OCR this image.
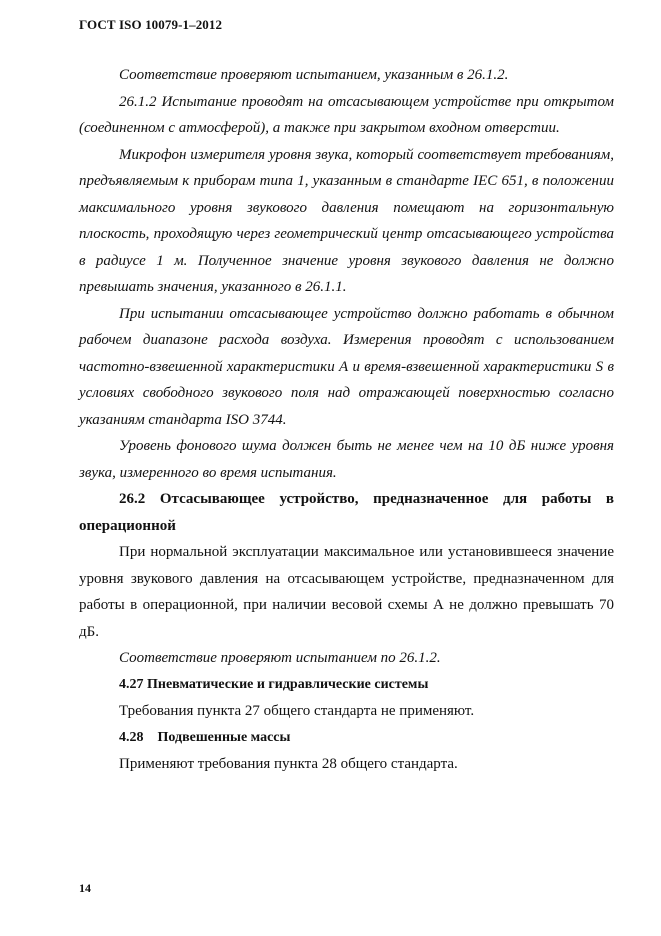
ГОСТ ISO 10079-1–2012

Соответствие проверяют испытанием, указанным в 26.1.2.

26.1.2 Испытание проводят на отсасывающем устройстве при открытом (соединенном с атмосферой), а также при закрытом входном отверстии.

Микрофон измерителя уровня звука, который соответствует требованиям, предъявляемым к приборам типа 1, указанным в стандарте IEC 651, в положении максимального уровня звукового давления помещают на горизонтальную плоскость, проходящую через геометрический центр отсасывающего устройства в радиусе 1 м. Полученное значение уровня звукового давления не должно превышать значения, указанного в 26.1.1.

При испытании отсасывающее устройство должно работать в обычном рабочем диапазоне расхода воздуха. Измерения проводят с использованием частотно-взвешенной характеристики А и время-взвешенной характеристики S в условиях свободного звукового поля над отражающей поверхностью согласно указаниям стандарта ISO 3744.

Уровень фонового шума должен быть не менее чем на 10 дБ ниже уровня звука, измеренного во время испытания.

26.2 Отсасывающее устройство, предназначенное для работы в операционной

При нормальной эксплуатации максимальное или установившееся значение уровня звукового давления на отсасывающем устройстве, предназначенном для работы в операционной, при наличии весовой схемы А не должно превышать 70 дБ.

Соответствие проверяют испытанием по 26.1.2.

4.27 Пневматические и гидравлические системы

Требования пункта 27 общего стандарта не применяют.

4.28 Подвешенные массы

Применяют требования пункта 28 общего стандарта.

14
